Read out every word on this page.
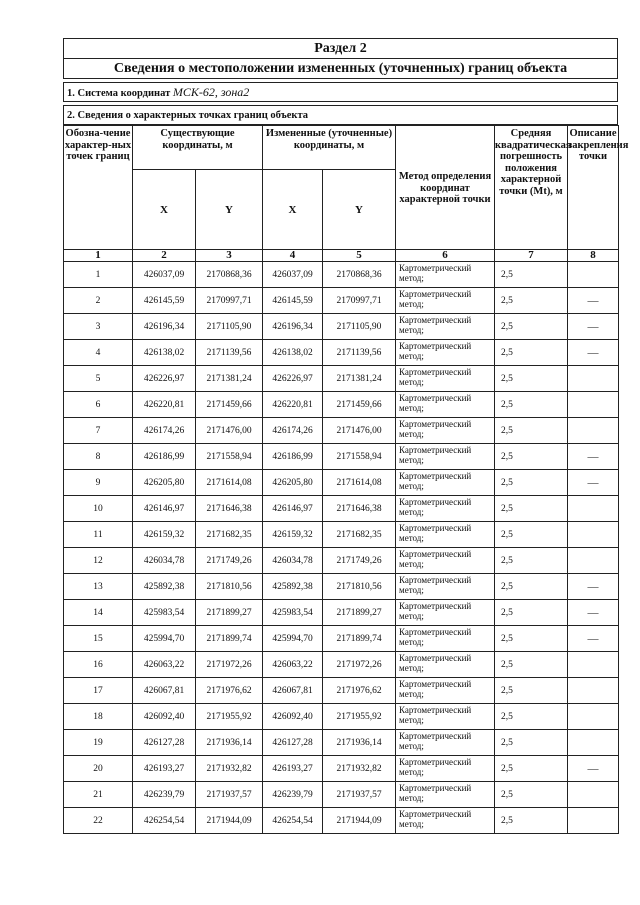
Раздел 2
Сведения о местоположении измененных (уточненных) границ объекта

1. Система координат МСК-62, зона2

2. Сведения о характерных точках границ объекта
Обозна-чение характер-ных точек границ	Существующие координаты, м		Измененные (уточненные) координаты, м		Метод определения координат характерной точки	Средняя квадратическая погрешность положения характерной точки (Mt), м	Описание закрепления точки
	X	Y	X	Y			
1	2	3	4	5	6	7	8
1	426037,09	2170868,36	426037,09	2170868,36	Картометрический метод;	2,5	
2	426145,59	2170997,71	426145,59	2170997,71	Картометрический метод;	2,5	—
3	426196,34	2171105,90	426196,34	2171105,90	Картометрический метод;	2,5	—
4	426138,02	2171139,56	426138,02	2171139,56	Картометрический метод;	2,5	—
5	426226,97	2171381,24	426226,97	2171381,24	Картометрический метод;	2,5	
6	426220,81	2171459,66	426220,81	2171459,66	Картометрический метод;	2,5	
7	426174,26	2171476,00	426174,26	2171476,00	Картометрический метод;	2,5	
8	426186,99	2171558,94	426186,99	2171558,94	Картометрический метод;	2,5	—
9	426205,80	2171614,08	426205,80	2171614,08	Картометрический метод;	2,5	—
10	426146,97	2171646,38	426146,97	2171646,38	Картометрический метод;	2,5	
11	426159,32	2171682,35	426159,32	2171682,35	Картометрический метод;	2,5	
12	426034,78	2171749,26	426034,78	2171749,26	Картометрический метод;	2,5	
13	425892,38	2171810,56	425892,38	2171810,56	Картометрический метод;	2,5	—
14	425983,54	2171899,27	425983,54	2171899,27	Картометрический метод;	2,5	—
15	425994,70	2171899,74	425994,70	2171899,74	Картометрический метод;	2,5	—
16	426063,22	2171972,26	426063,22	2171972,26	Картометрический метод;	2,5	
17	426067,81	2171976,62	426067,81	2171976,62	Картометрический метод;	2,5	
18	426092,40	2171955,92	426092,40	2171955,92	Картометрический метод;	2,5	
19	426127,28	2171936,14	426127,28	2171936,14	Картометрический метод;	2,5	
20	426193,27	2171932,82	426193,27	2171932,82	Картометрический метод;	2,5	—
21	426239,79	2171937,57	426239,79	2171937,57	Картометрический метод;	2,5	
22	426254,54	2171944,09	426254,54	2171944,09	Картометрический метод;	2,5	
